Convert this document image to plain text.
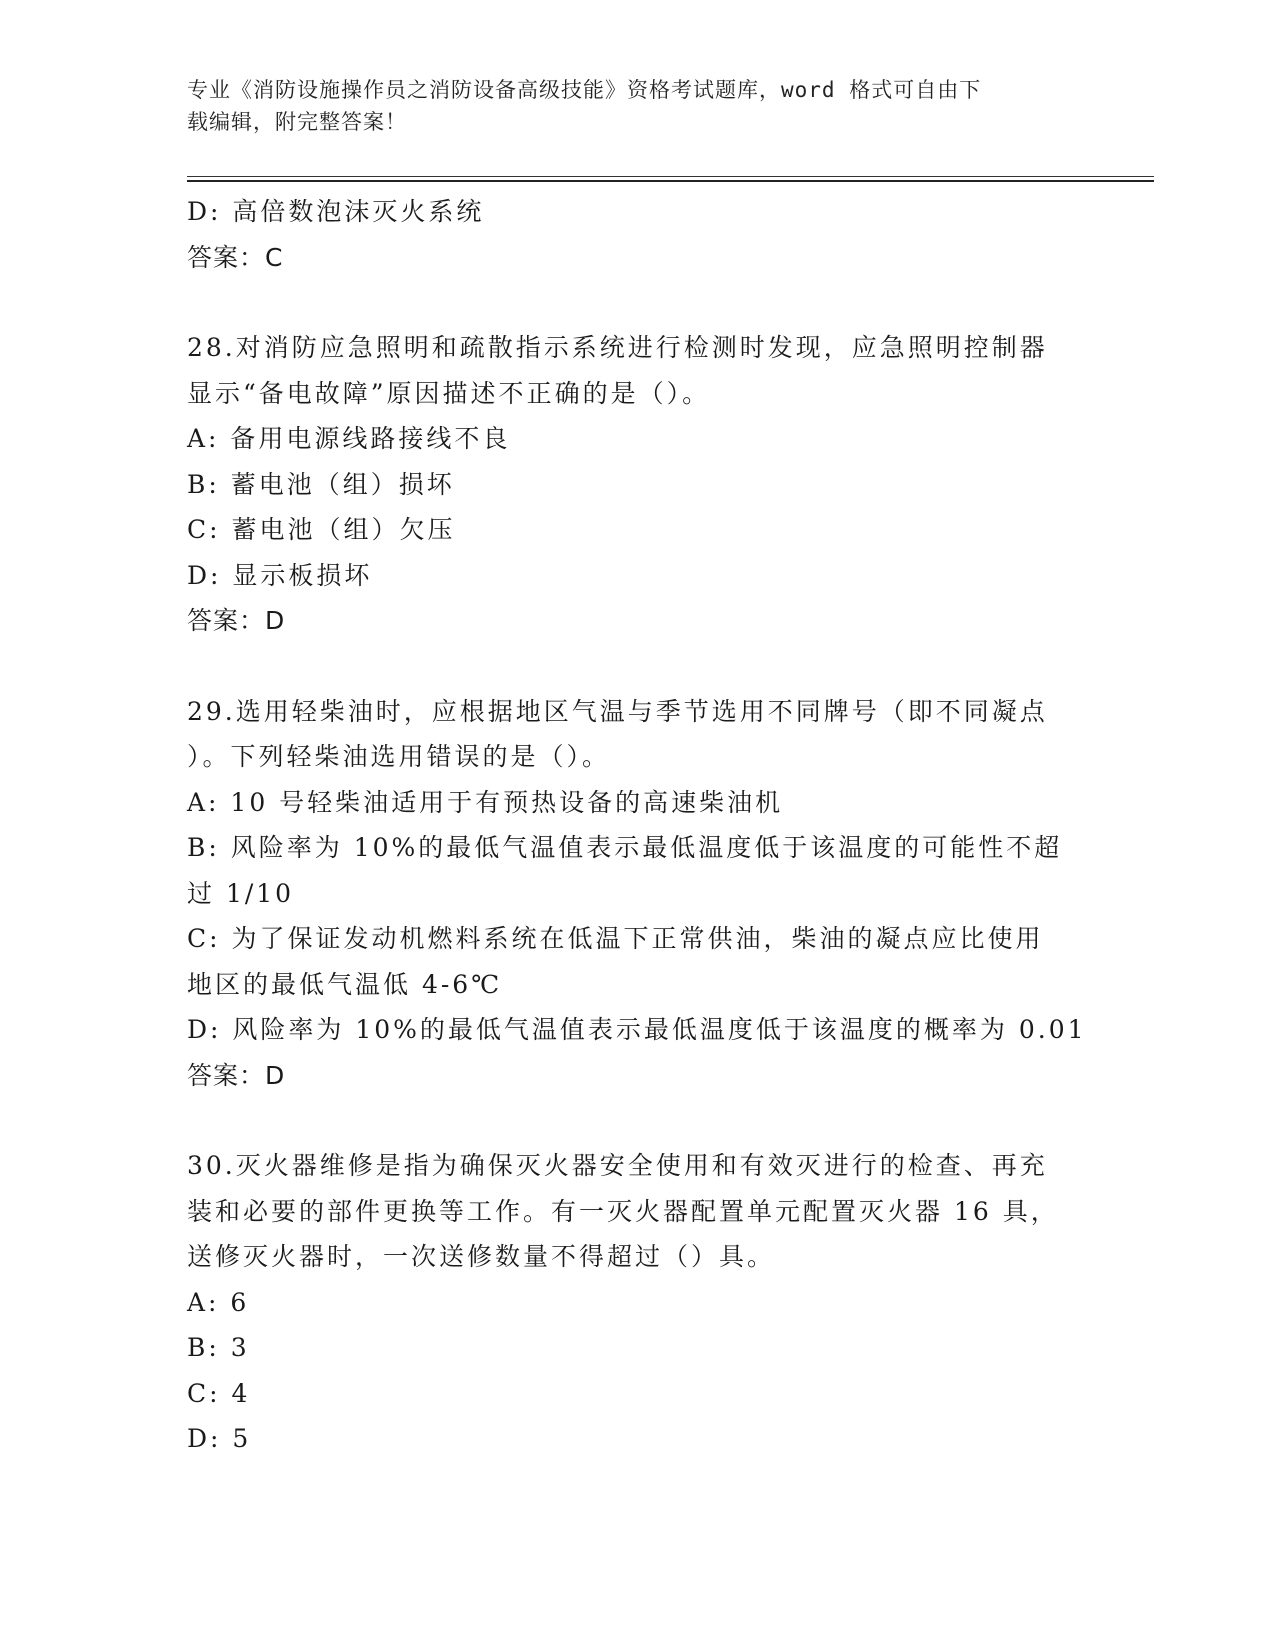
专业《消防设施操作员之消防设备高级技能》资格考试题库，word 格式可自由下
载编辑，附完整答案！
D: 高倍数泡沫灭火系统
答案：C
28.对消防应急照明和疏散指示系统进行检测时发现，应急照明控制器
显示“备电故障”原因描述不正确的是（）。
A: 备用电源线路接线不良
B: 蓄电池（组）损坏
C: 蓄电池（组）欠压
D: 显示板损坏
答案：D
29.选用轻柴油时，应根据地区气温与季节选用不同牌号（即不同凝点
）。下列轻柴油选用错误的是（）。
A: 10 号轻柴油适用于有预热设备的高速柴油机
B: 风险率为 10%的最低气温值表示最低温度低于该温度的可能性不超
过 1/10
C: 为了保证发动机燃料系统在低温下正常供油，柴油的凝点应比使用
地区的最低气温低 4-6℃
D: 风险率为 10%的最低气温值表示最低温度低于该温度的概率为 0.01
答案：D
30.灭火器维修是指为确保灭火器安全使用和有效灭进行的检查、再充
装和必要的部件更换等工作。有一灭火器配置单元配置灭火器 16 具，
送修灭火器时，一次送修数量不得超过（）具。
A: 6
B: 3
C: 4
D: 5
